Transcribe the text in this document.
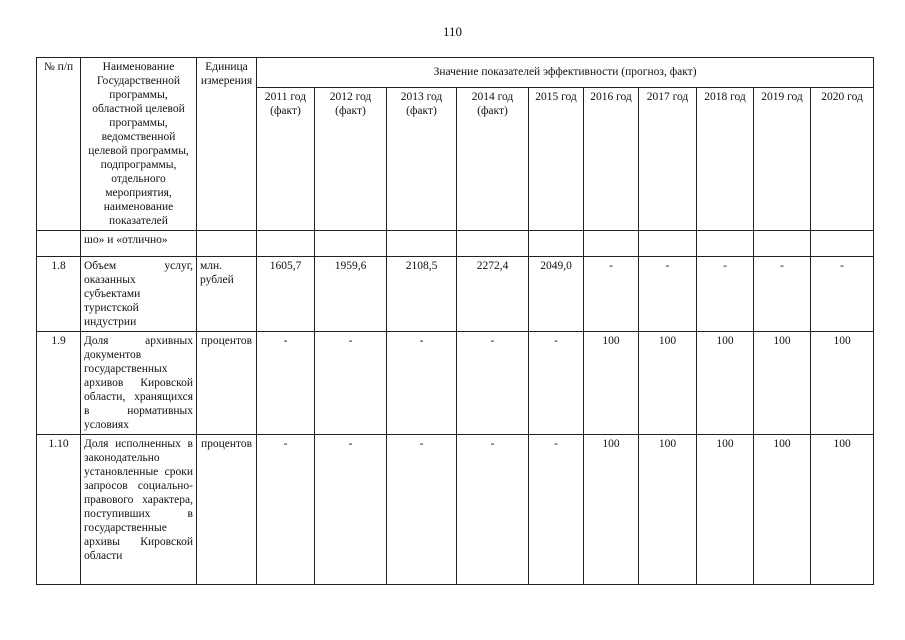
110
№ п/п	Наименование Государственной программы, областной целевой программы, ведомственной целевой программы, подпрограммы, отдельного мероприятия, наименование показателей	Единица измерения	Значение показателей эффективности (прогноз, факт)									
			2011 год (факт)	2012 год (факт)	2013 год (факт)	2014 год (факт)	2015 год	2016 год	2017 год	2018 год	2019 год	2020 год
	шо» и «отлично»											
1.8	Объем услуг, оказанных субъектами туристской индустрии	млн. рублей	1605,7	1959,6	2108,5	2272,4	2049,0	-	-	-	-	-
1.9	Доля архивных документов государственных архивов Кировской области, хранящихся в нормативных условиях	процентов	-	-	-	-	-	100	100	100	100	100
1.10	Доля исполненных в законодательно установленные сроки запросов социально-правового характера, поступивших в государственные архивы Кировской области	процентов	-	-	-	-	-	100	100	100	100	100
